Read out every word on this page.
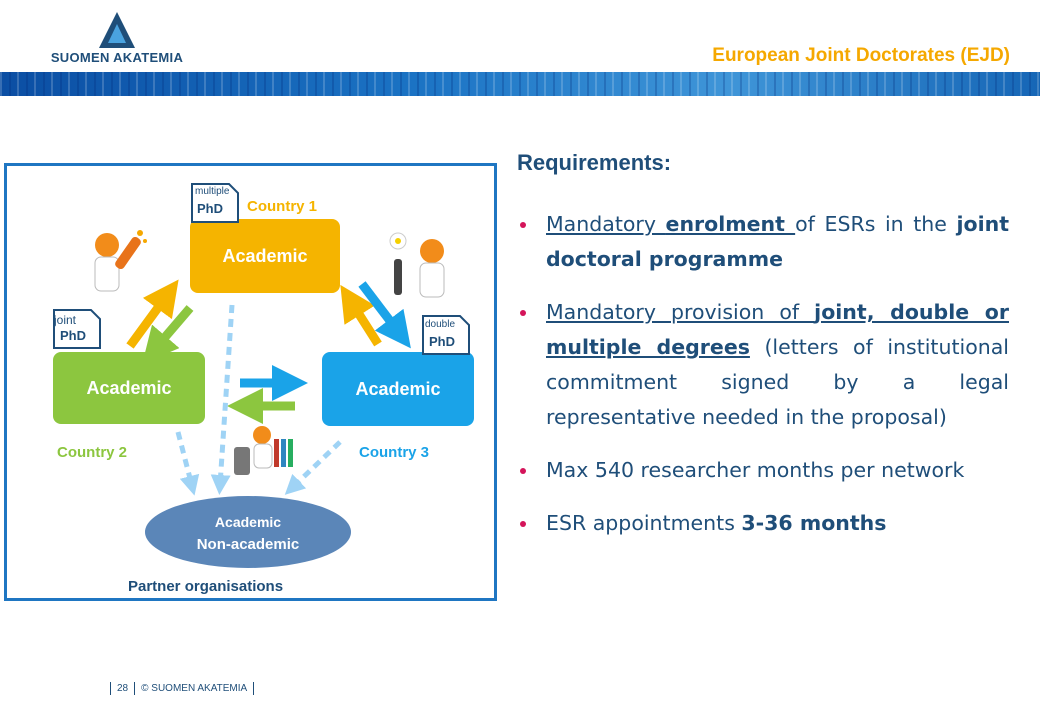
SUOMEN AKATEMIA	European Joint Doctorates (EJD)
Academic
Academic	Academic
Country 1
Country 2	Country 3
multiple
PhD
joint
PhD
double
PhD
Academic
Non-academic
Partner organisations
Requirements:
Mandatory enrolment of ESRs in the joint doctoral programme
Mandatory provision of joint, double or multiple degrees (letters of institutional commitment signed by a legal representative needed in the proposal)
Max 540 researcher months per network
ESR appointments 3-36 months
28 © SUOMEN AKATEMIA
